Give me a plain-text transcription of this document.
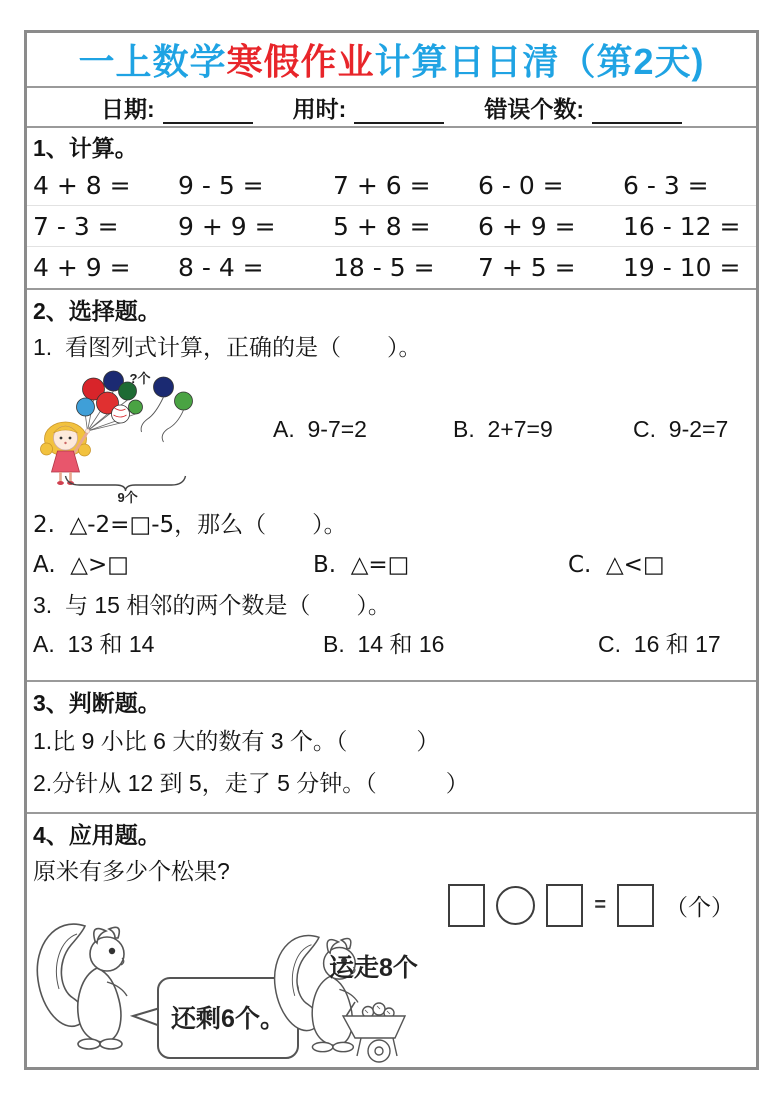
一上数学 寒假作业 计算日日清（第2天)
日期:	用时:	错误个数:
1、计算。
4 + 8 =	9 - 5 =	7 + 6 =	6 - 0 =	6 - 3 =
7 - 3 =	9 + 9 =	5 + 8 =	6 + 9 =	16 - 12 =
4 + 9 =	8 - 4 =	18 - 5 =	7 + 5 =	19 - 10 =
2、选择题。
1.  看图列式计算，正确的是（　　）。
?个
9个
A.  9-7=2	B.  2+7=9	C.  9-2=7
2.  △-2=□-5，那么（　　）。
A.  △>□	B.  △=□	C.  △<□
3.  与 15 相邻的两个数是（　　）。
A.  13 和 14	B.  14 和 16	C.  16 和 17
3、判断题。
1.比 9 小比 6 大的数有 3 个。（　　　）
2.分针从 12 到 5，走了 5 分钟。（　　　）
4、应用题。
原米有多少个松果?
=	（个）
还剩6个。
运走8个
